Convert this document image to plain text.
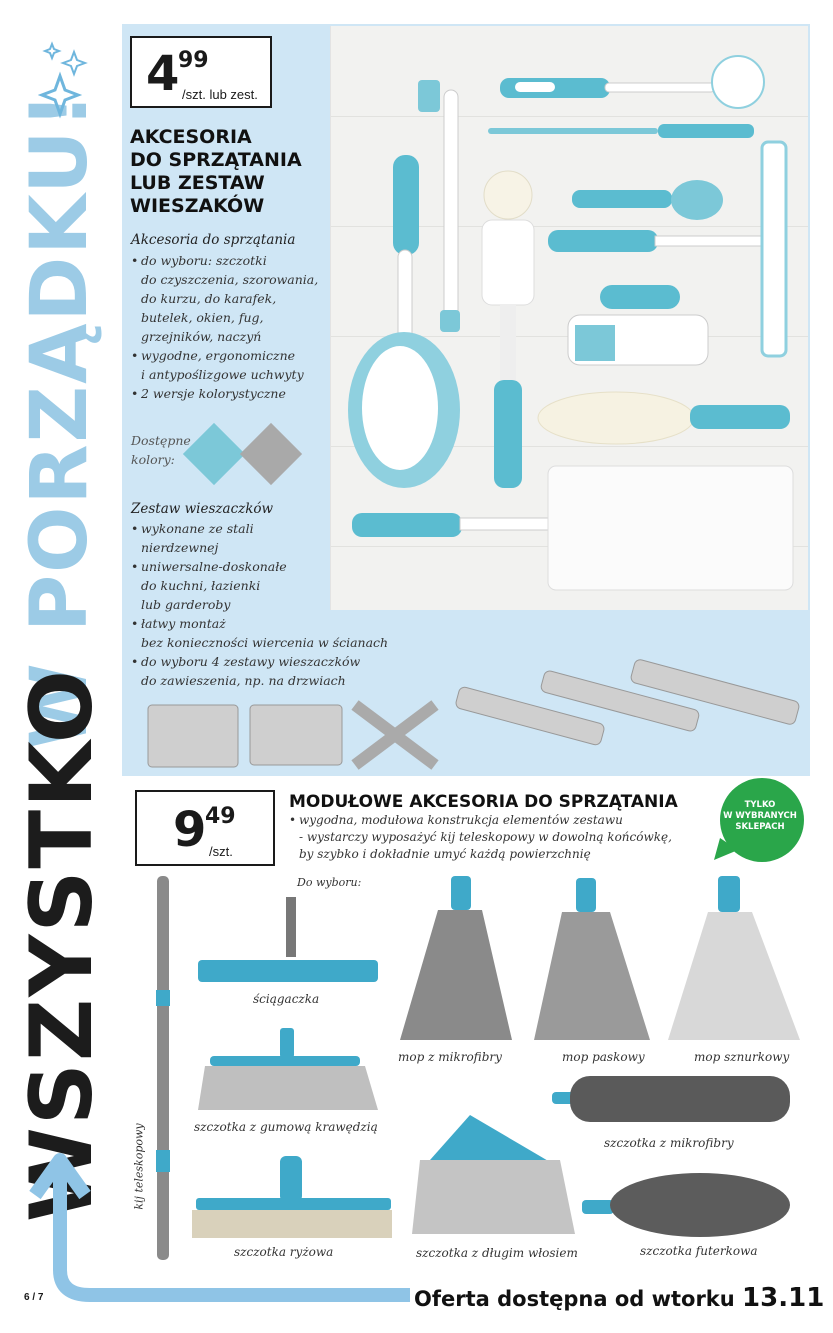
W PORZĄDKU!
WSZYSTKO
4
99
/szt. lub zest.
AKCESORIA
DO SPRZĄTANIA
LUB ZESTAW
WIESZAKÓW
Akcesoria do sprzątania
• do wyboru: szczotki
do czyszczenia, szorowania,
do kurzu, do karafek,
butelek, okien, fug,
grzejników, naczyń
• wygodne, ergonomiczne
i antypoślizgowe uchwyty
• 2 wersje kolorystyczne
Dostępne
kolory:
Zestaw wieszaczków
• wykonane ze stali
nierdzewnej
• uniwersalne-doskonałe
do kuchni, łazienki
lub garderoby
• łatwy montaż
bez konieczności wiercenia w ścianach
• do wyboru 4 zestawy wieszaczków
do zawieszenia, np. na drzwiach
9
49
/szt.
MODUŁOWE AKCESORIA DO SPRZĄTANIA
• wygodna, modułowa konstrukcja elementów zestawu
- wystarczy wyposażyć kij teleskopowy w dowolną końcówkę,
by szybko i dokładnie umyć każdą powierzchnię
Do wyboru:
TYLKO
W WYBRANYCH
SKLEPACH
ściągaczka
mop z mikrofibry	mop paskowy	mop sznurkowy
szczotka z gumową krawędzią
szczotka z mikrofibry
kij teleskopowy
szczotka ryżowa	szczotka z długim włosiem	szczotka futerkowa
6 / 7	Oferta dostępna od wtorku 13.11
